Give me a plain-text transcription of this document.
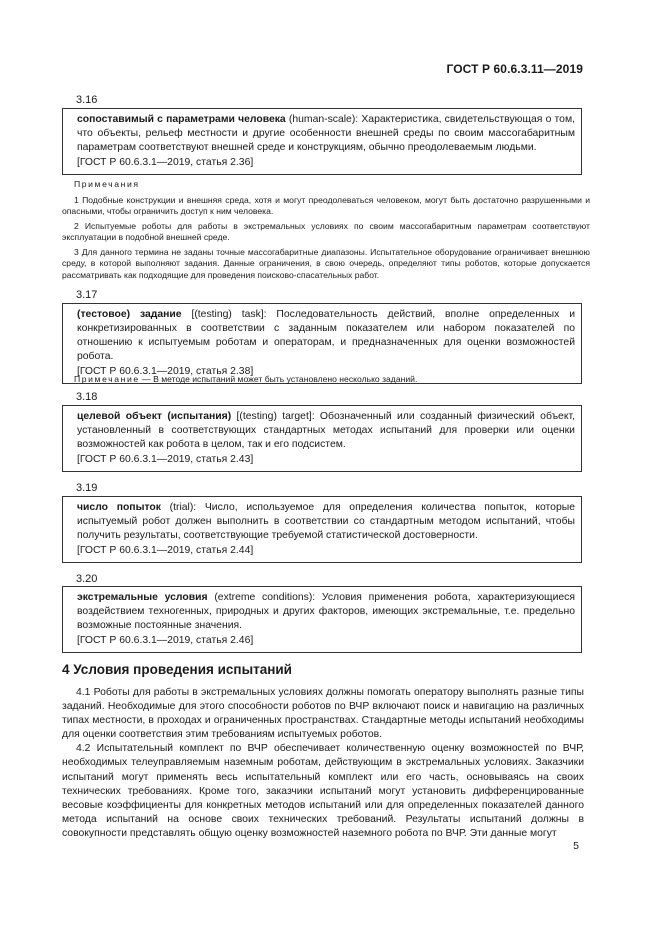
ГОСТ Р 60.6.3.11—2019
3.16

сопоставимый с параметрами человека (human-scale): Характеристика, свидетельствующая о том, что объекты, рельеф местности и другие особенности внешней среды по своим массогабаритным параметрам соответствуют внешней среде и конструкциям, обычно преодолеваемым людьми.

[ГОСТ Р 60.6.3.1—2019, статья 2.36]

Примечания

1 Подобные конструкции и внешняя среда, хотя и могут преодолеваться человеком, могут быть достаточно разрушенными и опасными, чтобы ограничить доступ к ним человека.

2 Испытуемые роботы для работы в экстремальных условиях по своим массогабаритным параметрам соответствуют эксплуатации в подобной внешней среде.

3 Для данного термина не заданы точные массогабаритные диапазоны. Испытательное оборудование ограничивает внешнюю среду, в которой выполняют задания. Данные ограничения, в свою очередь, определяют типы роботов, которые допускается рассматривать как подходящие для проведения поисково-спасательных работ.

3.17

(тестовое) задание [(testing) task]: Последовательность действий, вполне определенных и конкретизированных в соответствии с заданным показателем или набором показателей по отношению к испытуемым роботам и операторам, и предназначенных для оценки возможностей робота.

[ГОСТ Р 60.6.3.1—2019, статья 2.38]

Примечание — В методе испытаний может быть установлено несколько заданий.

3.18

целевой объект (испытания) [(testing) target]: Обозначенный или созданный физический объект, установленный в соответствующих стандартных методах испытаний для проверки или оценки возможностей как робота в целом, так и его подсистем.

[ГОСТ Р 60.6.3.1—2019, статья 2.43]

3.19

число попыток (trial): Число, используемое для определения количества попыток, которые испытуемый робот должен выполнить в соответствии со стандартным методом испытаний, чтобы получить результаты, соответствующие требуемой статистической достоверности.

[ГОСТ Р 60.6.3.1—2019, статья 2.44]

3.20

экстремальные условия (extreme conditions): Условия применения робота, характеризующиеся воздействием техногенных, природных и других факторов, имеющих экстремальные, т.е. предельно возможные постоянные значения.

[ГОСТ Р 60.6.3.1—2019, статья 2.46]

4 Условия проведения испытаний

4.1 Роботы для работы в экстремальных условиях должны помогать оператору выполнять разные типы заданий. Необходимые для этого способности роботов по ВЧР включают поиск и навигацию на различных типах местности, в проходах и ограниченных пространствах. Стандартные методы испытаний необходимы для оценки соответствия этим требованиям испытуемых роботов.

4.2 Испытательный комплект по ВЧР обеспечивает количественную оценку возможностей по ВЧР, необходимых телеуправляемым наземным роботам, действующим в экстремальных условиях. Заказчики испытаний могут применять весь испытательный комплект или его часть, основываясь на своих технических требованиях. Кроме того, заказчики испытаний могут установить дифференцированные весовые коэффициенты для конкретных методов испытаний или для определенных показателей данного метода испытаний на основе своих технических требований. Результаты испытаний должны в совокупности представлять общую оценку возможностей наземного робота по ВЧР. Эти данные могут

5
